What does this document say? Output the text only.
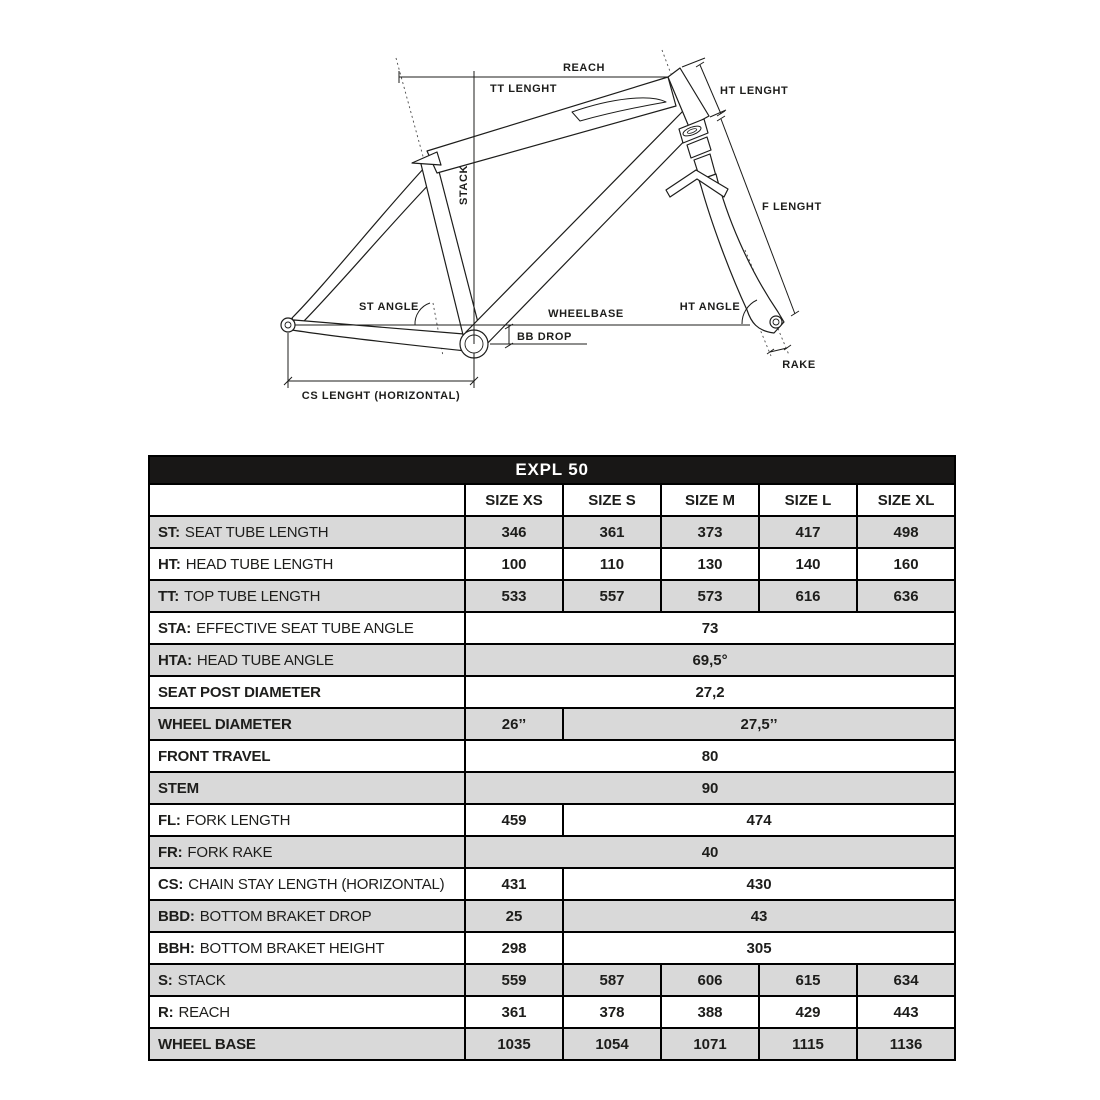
REACH
TT LENGHT	HT LENGHT
STACK
F LENGHT
ST ANGLE	HT ANGLE
WHEELBASE
BB DROP
RAKE
CS LENGHT (HORIZONTAL)
EXPL 50					
	SIZE XS	SIZE S	SIZE M	SIZE L	SIZE XL
ST: SEAT TUBE LENGTH	346	361	373	417	498
HT: HEAD TUBE LENGTH	100	110	130	140	160
TT: TOP TUBE LENGTH	533	557	573	616	636
STA: EFFECTIVE SEAT TUBE ANGLE	73				
HTA: HEAD TUBE ANGLE	69,5°				
SEAT POST DIAMETER	27,2				
WHEEL DIAMETER	26’’	27,5’’			
FRONT TRAVEL	80				
STEM	90				
FL: FORK LENGTH	459	474			
FR: FORK RAKE	40				
CS: CHAIN STAY LENGTH (HORIZONTAL)	431	430			
BBD: BOTTOM BRAKET DROP	25	43			
BBH: BOTTOM BRAKET HEIGHT	298	305			
S: STACK	559	587	606	615	634
R: REACH	361	378	388	429	443
WHEEL BASE	1035	1054	1071	1115	1136
